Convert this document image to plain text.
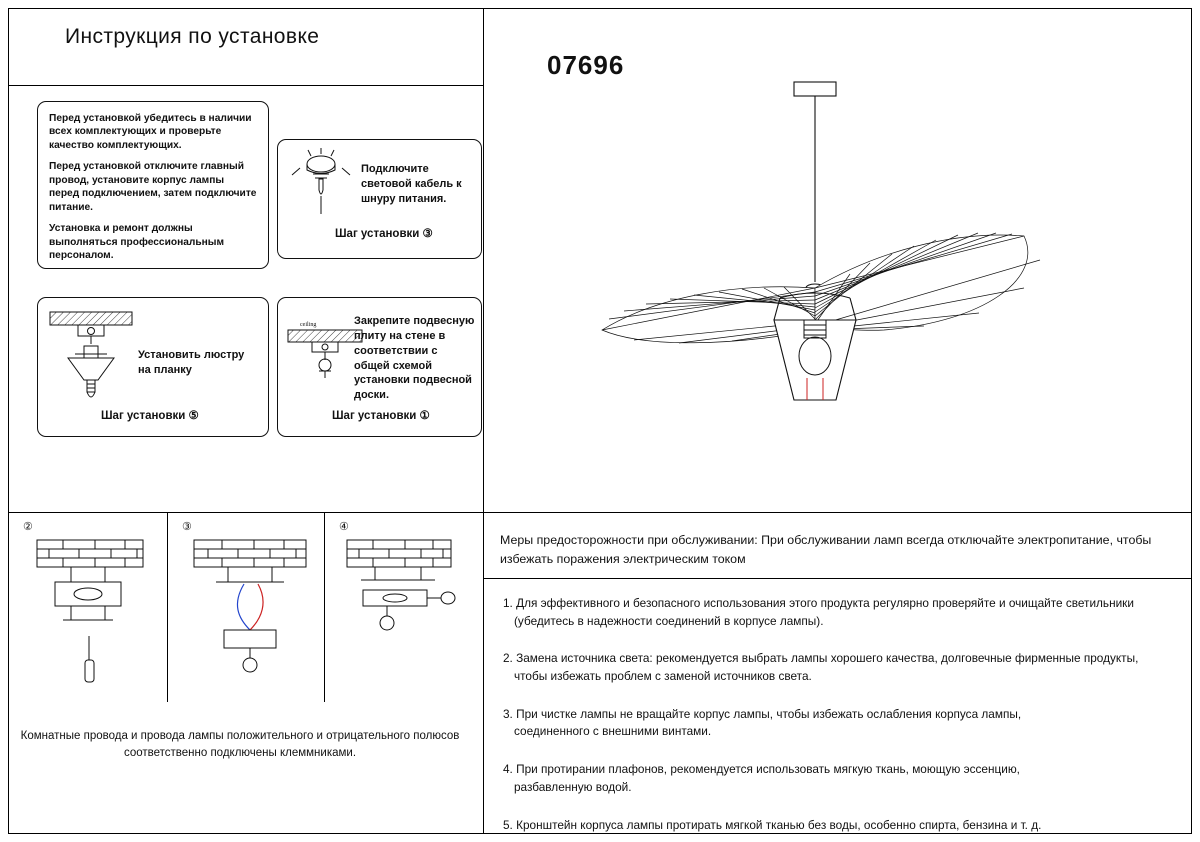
Инструкция по установке

Перед установкой убедитесь в наличии всех комплектующих и проверьте качество комплектующих.

Перед установкой отключите главный провод, установите корпус лампы перед подключением, затем подключите питание.

Установка и ремонт должны выполняться профессиональным персоналом.

Подключите световой кабель к шнуру питания.
Шаг установки ③
Установить люстру на планку
Шаг установки ⑤
ceiling	Закрепите подвесную плиту на стене в соответствии с общей схемой установки подвесной доски.
Шаг установки ①
②	③	④
Комнатные провода и провода лампы положительного и отрицательного полюсов соответственно подключены клеммниками.
07696
Меры предосторожности при обслуживании: При обслуживании ламп всегда отключайте электропитание, чтобы избежать поражения электрическим током
1. Для эффективного и безопасного использования этого продукта регулярно проверяйте и очищайте светильники
(убедитесь в надежности соединений в корпусе лампы).
2. Замена источника света: рекомендуется выбрать лампы хорошего качества, долговечные фирменные продукты,
чтобы избежать проблем с заменой источников света.
3. При чистке лампы не вращайте корпус лампы, чтобы избежать ослабления корпуса лампы,
соединенного с внешними винтами.
4. При протирании плафонов, рекомендуется использовать мягкую ткань, моющую эссенцию,
разбавленную водой.
5. Кронштейн корпуса лампы протирать мягкой тканью без воды, особенно спирта, бензина и т. д.
